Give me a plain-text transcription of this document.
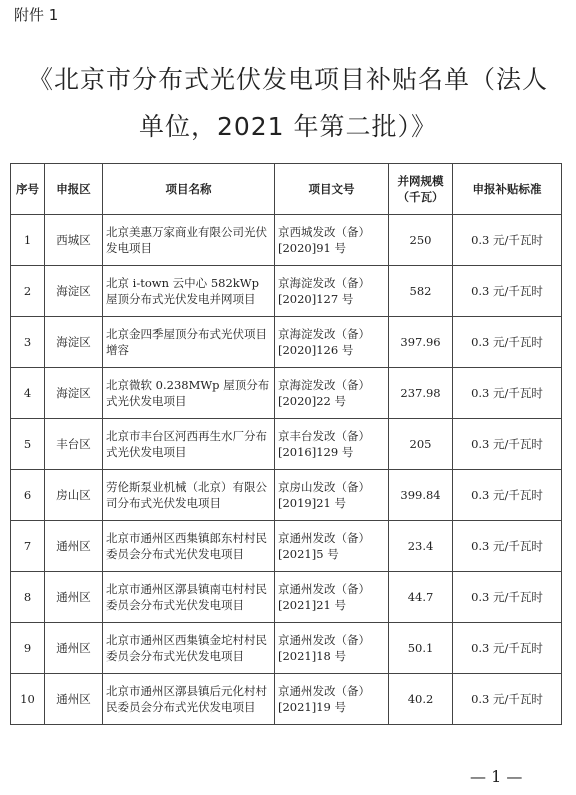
附件 1
《北京市分布式光伏发电项目补贴名单（法人
单位，2021 年第二批）》
序号	申报区	项目名称	项目文号	并网规模（千瓦）	申报补贴标准
1	西城区	北京美惠万家商业有限公司光伏发电项目	京西城发改（备）[2020]91 号	250	0.3 元/千瓦时
2	海淀区	北京 i-town 云中心 582kWp 屋顶分布式光伏发电并网项目	京海淀发改（备）[2020]127 号	582	0.3 元/千瓦时
3	海淀区	北京金四季屋顶分布式光伏项目增容	京海淀发改（备）[2020]126 号	397.96	0.3 元/千瓦时
4	海淀区	北京微软 0.238MWp 屋顶分布式光伏发电项目	京海淀发改（备）[2020]22 号	237.98	0.3 元/千瓦时
5	丰台区	北京市丰台区河西再生水厂分布式光伏发电项目	京丰台发改（备）[2016]129 号	205	0.3 元/千瓦时
6	房山区	劳伦斯泵业机械（北京）有限公司分布式光伏发电项目	京房山发改（备）[2019]21 号	399.84	0.3 元/千瓦时
7	通州区	北京市通州区西集镇郎东村村民委员会分布式光伏发电项目	京通州发改（备）[2021]5 号	23.4	0.3 元/千瓦时
8	通州区	北京市通州区漷县镇南屯村村民委员会分布式光伏发电项目	京通州发改（备）[2021]21 号	44.7	0.3 元/千瓦时
9	通州区	北京市通州区西集镇金坨村村民委员会分布式光伏发电项目	京通州发改（备）[2021]18 号	50.1	0.3 元/千瓦时
10	通州区	北京市通州区漷县镇后元化村村民委员会分布式光伏发电项目	京通州发改（备）[2021]19 号	40.2	0.3 元/千瓦时
— 1 —
